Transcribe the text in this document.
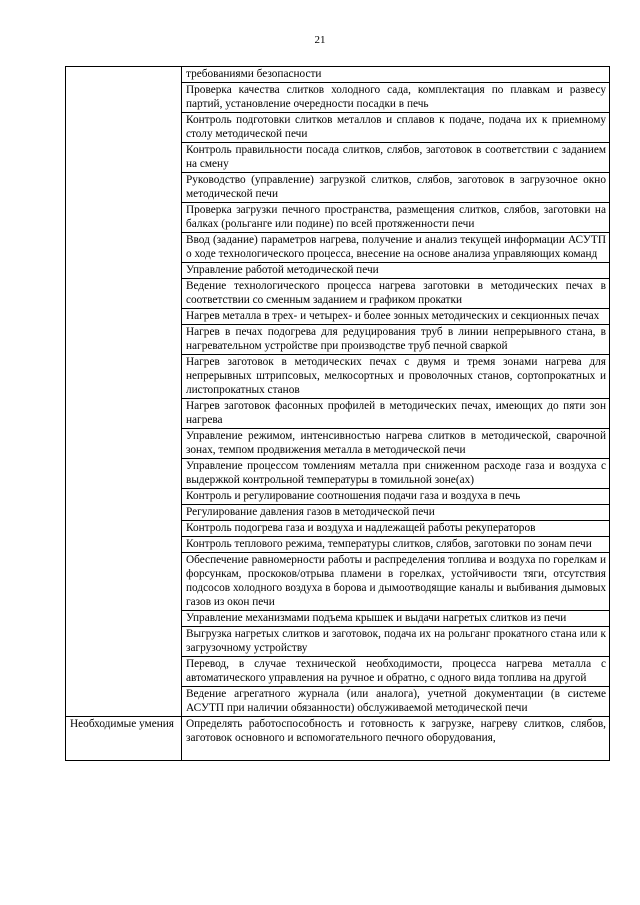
21
	требованиями безопасности
	Проверка качества слитков холодного сада, комплектация по плавкам и развесу партий, установление очередности посадки в печь
	Контроль подготовки слитков металлов и сплавов к подаче, подача их к приемному столу методической печи
	Контроль правильности посада слитков, слябов, заготовок в соответствии с заданием на смену
	Руководство (управление) загрузкой слитков, слябов, заготовок в загрузочное окно методической печи
	Проверка загрузки печного пространства, размещения слитков, слябов, заготовки на балках (рольганге или подине) по всей протяженности печи
	Ввод (задание) параметров нагрева, получение и анализ текущей информации АСУТП о ходе технологического процесса, внесение на основе анализа управляющих команд
	Управление работой методической печи
	Ведение технологического процесса нагрева заготовки в методических печах в соответствии со сменным заданием и графиком прокатки
	Нагрев металла в трех- и четырех- и более зонных методических и секционных печах
	Нагрев в печах подогрева для редуцирования труб в линии непрерывного стана, в нагревательном устройстве при производстве труб печной сваркой
	Нагрев заготовок в методических печах с двумя и тремя зонами нагрева для непрерывных штрипсовых, мелкосортных и проволочных станов, сортопрокатных и листопрокатных станов
	Нагрев заготовок фасонных профилей в методических печах, имеющих до пяти зон нагрева
	Управление режимом, интенсивностью нагрева слитков в методической, сварочной зонах, темпом продвижения металла в методической печи
	Управление процессом томлениям металла при сниженном расходе газа и воздуха с выдержкой контрольной температуры в томильной зоне(ах)
	Контроль и регулирование соотношения подачи газа и воздуха в печь
	Регулирование давления газов в методической печи
	Контроль подогрева газа и воздуха и надлежащей работы рекуператоров
	Контроль теплового режима, температуры слитков, слябов, заготовки по зонам печи
	Обеспечение равномерности работы и распределения топлива и воздуха по горелкам и форсункам, проскоков/отрыва пламени в горелках, устойчивости тяги, отсутствия подсосов холодного воздуха в борова и дымоотводящие каналы и выбивания дымовых газов из окон печи
	Управление механизмами подъема крышек и выдачи нагретых слитков из печи
	Выгрузка нагретых слитков и заготовок, подача их на рольганг прокатного стана или к загрузочному устройству
	Перевод, в случае технической необходимости, процесса нагрева металла с автоматического управления на ручное и обратно, с одного вида топлива на другой
	Ведение агрегатного журнала (или аналога), учетной документации (в системе АСУТП при наличии обязанности) обслуживаемой методической печи
Необходимые умения	Определять работоспособность и готовность к загрузке, нагреву слитков, слябов, заготовок основного и вспомогательного печного оборудования,
